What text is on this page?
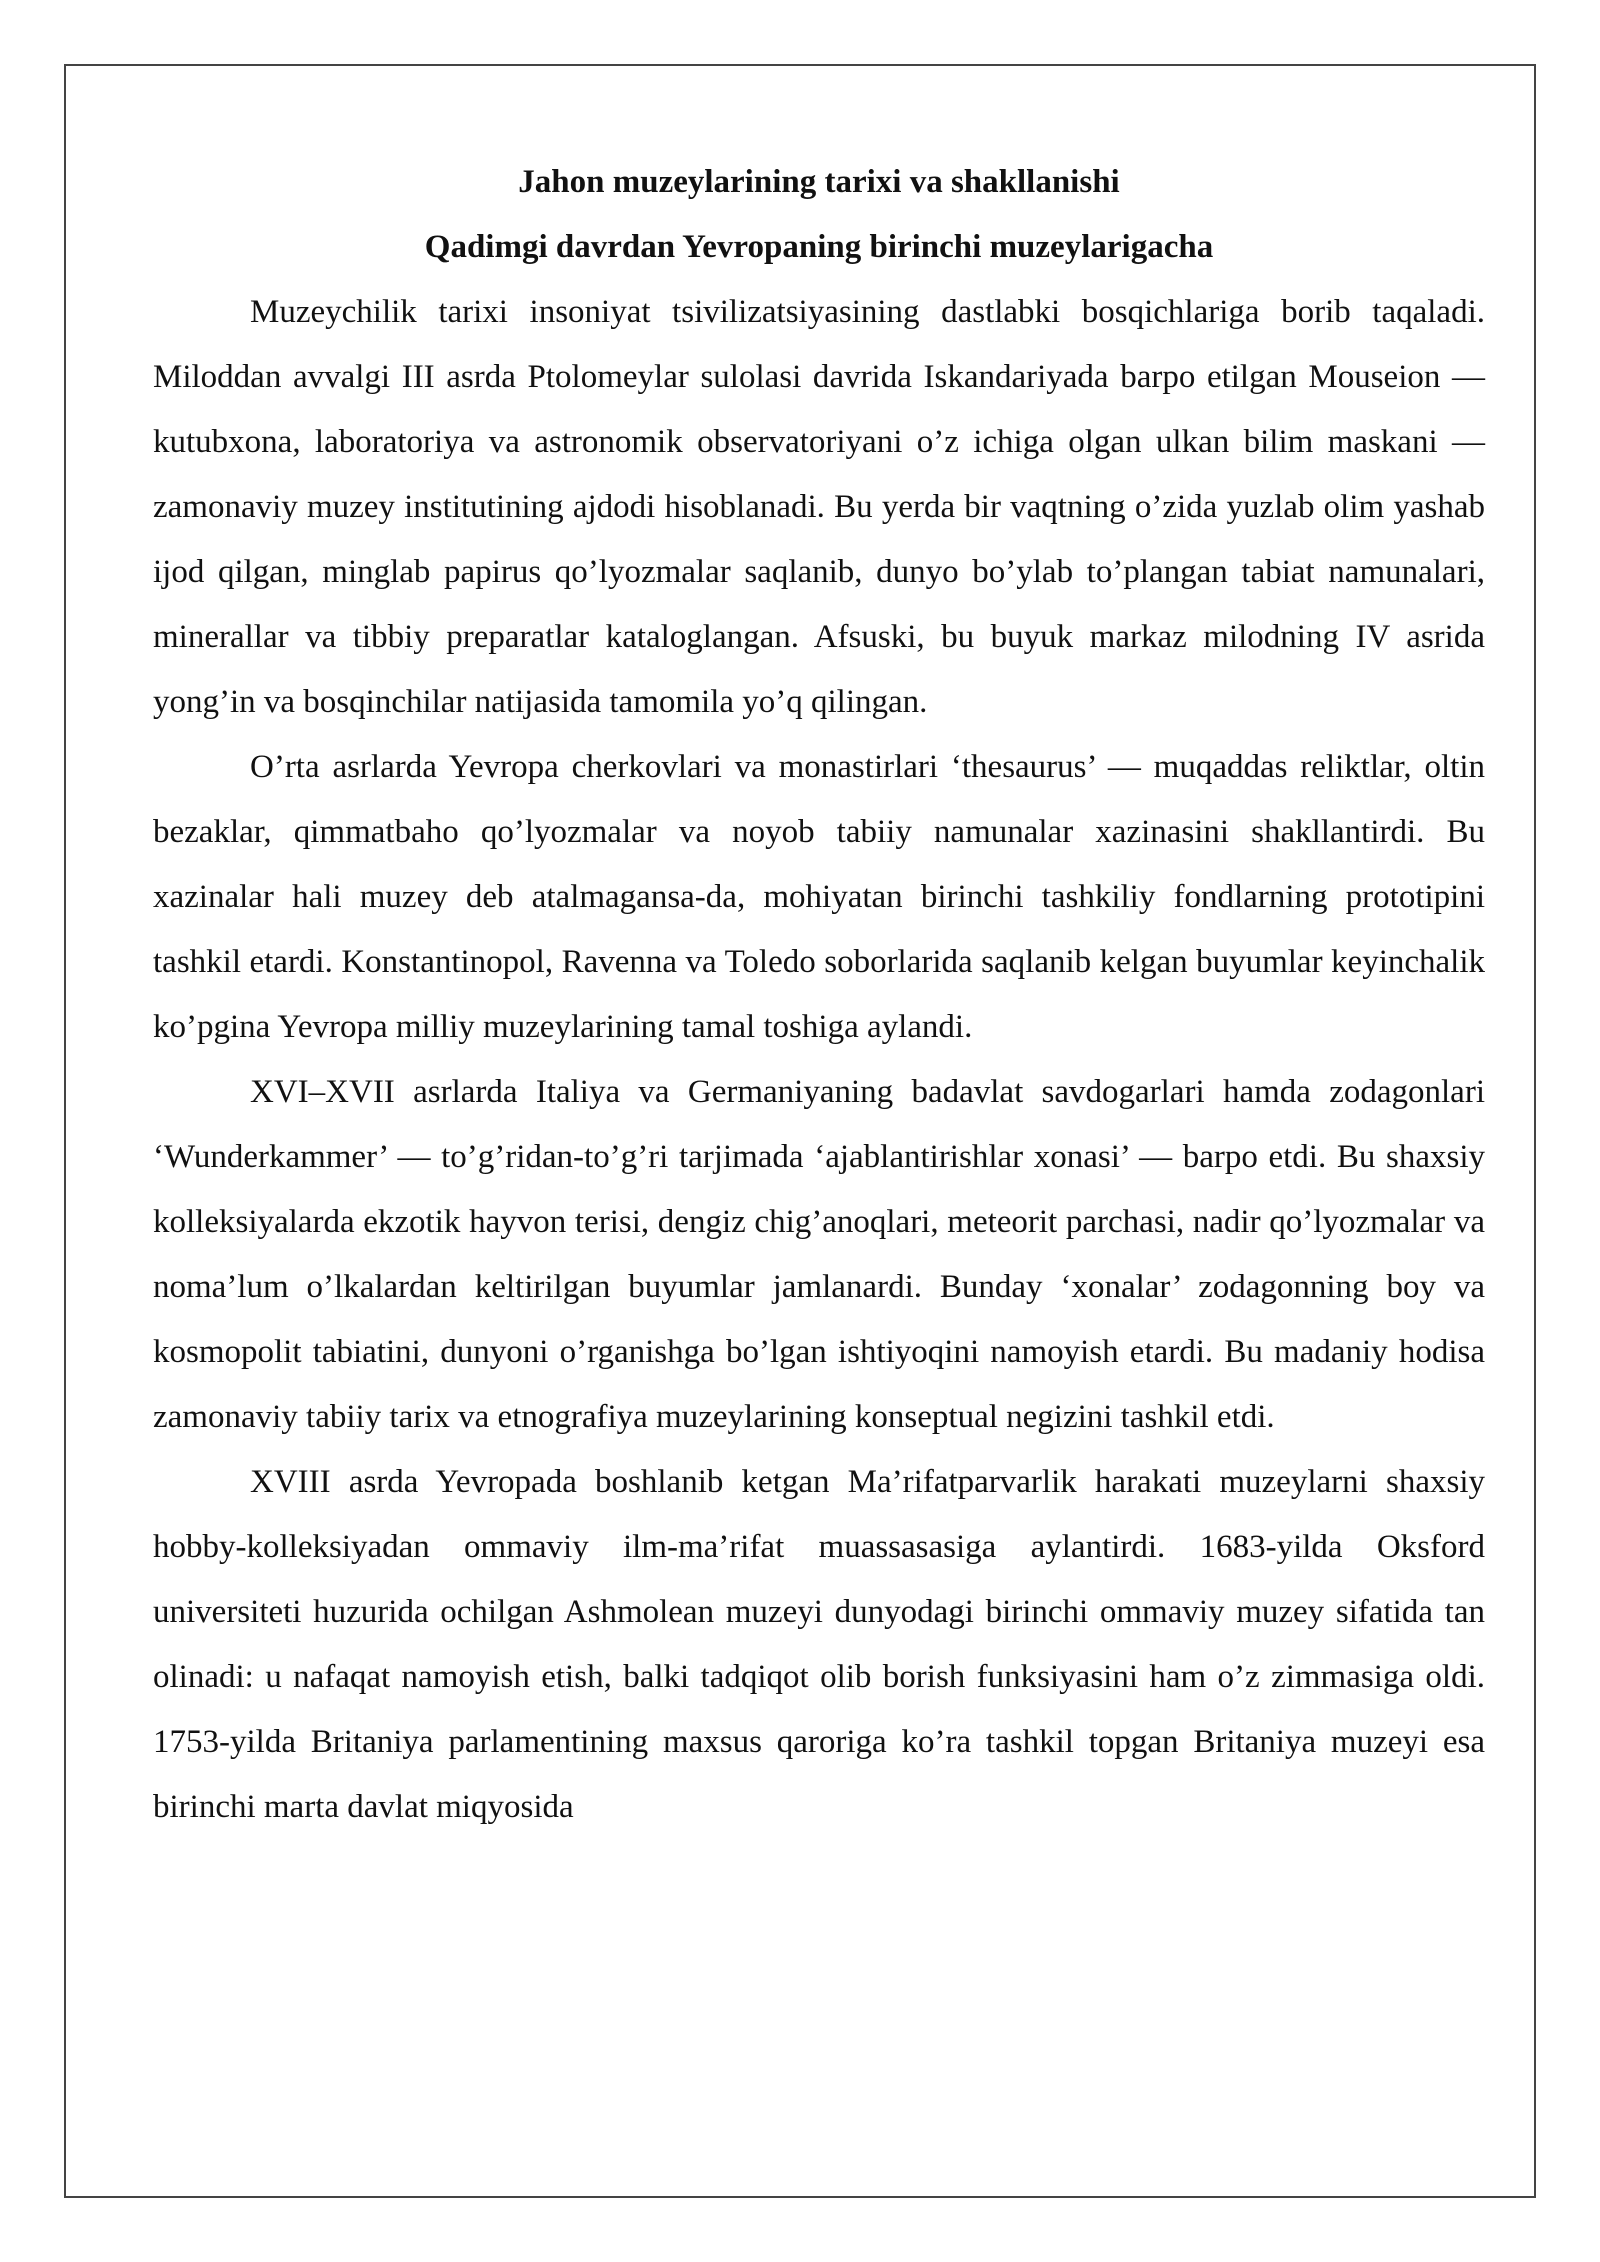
Jahon muzeylarining tarixi va shakllanishi
Qadimgi davrdan Yevropaning birinchi muzeylarigacha

Muzeychilik tarixi insoniyat tsivilizatsiyasining dastlabki bosqichlariga borib taqaladi. Miloddan avvalgi III asrda Ptolomeylar sulolasi davrida Iskandariyada barpo etilgan Mouseion — kutubxona, laboratoriya va astronomik observatoriyani o’z ichiga olgan ulkan bilim maskani — zamonaviy muzey institutining ajdodi hisoblanadi. Bu yerda bir vaqtning o’zida yuzlab olim yashab ijod qilgan, minglab papirus qo’lyozmalar saqlanib, dunyo bo’ylab to’plangan tabiat namunalari, minerallar va tibbiy preparatlar kataloglangan. Afsuski, bu buyuk markaz milodning IV asrida yong’in va bosqinchilar natijasida tamomila yo’q qilingan.

O’rta asrlarda Yevropa cherkovlari va monastirlari ‘thesaurus’ — muqaddas reliktlar, oltin bezaklar, qimmatbaho qo’lyozmalar va noyob tabiiy namunalar xazinasini shakllantirdi. Bu xazinalar hali muzey deb atalmagansa-da, mohiyatan birinchi tashkiliy fondlarning prototipini tashkil etardi. Konstantinopol, Ravenna va Toledo soborlarida saqlanib kelgan buyumlar keyinchalik ko’pgina Yevropa milliy muzeylarining tamal toshiga aylandi.

XVI–XVII asrlarda Italiya va Germaniyaning badavlat savdogarlari hamda zodagonlari ‘Wunderkammer’ — to’g’ridan-to’g’ri tarjimada ‘ajablantirishlar xonasi’ — barpo etdi. Bu shaxsiy kolleksiyalarda ekzotik hayvon terisi, dengiz chig’anoqlari, meteorit parchasi, nadir qo’lyozmalar va noma’lum o’lkalardan keltirilgan buyumlar jamlanardi. Bunday ‘xonalar’ zodagonning boy va kosmopolit tabiatini, dunyoni o’rganishga bo’lgan ishtiyoqini namoyish etardi. Bu madaniy hodisa zamonaviy tabiiy tarix va etnografiya muzeylarining konseptual negizini tashkil etdi.

XVIII asrda Yevropada boshlanib ketgan Ma’rifatparvarlik harakati muzeylarni shaxsiy hobby-kolleksiyadan ommaviy ilm-ma’rifat muassasasiga aylantirdi. 1683-yilda Oksford universiteti huzurida ochilgan Ashmolean muzeyi dunyodagi birinchi ommaviy muzey sifatida tan olinadi: u nafaqat namoyish etish, balki tadqiqot olib borish funksiyasini ham o’z zimmasiga oldi. 1753-yilda Britaniya parlamentining maxsus qaroriga ko’ra tashkil topgan Britaniya muzeyi esa birinchi marta davlat miqyosida
